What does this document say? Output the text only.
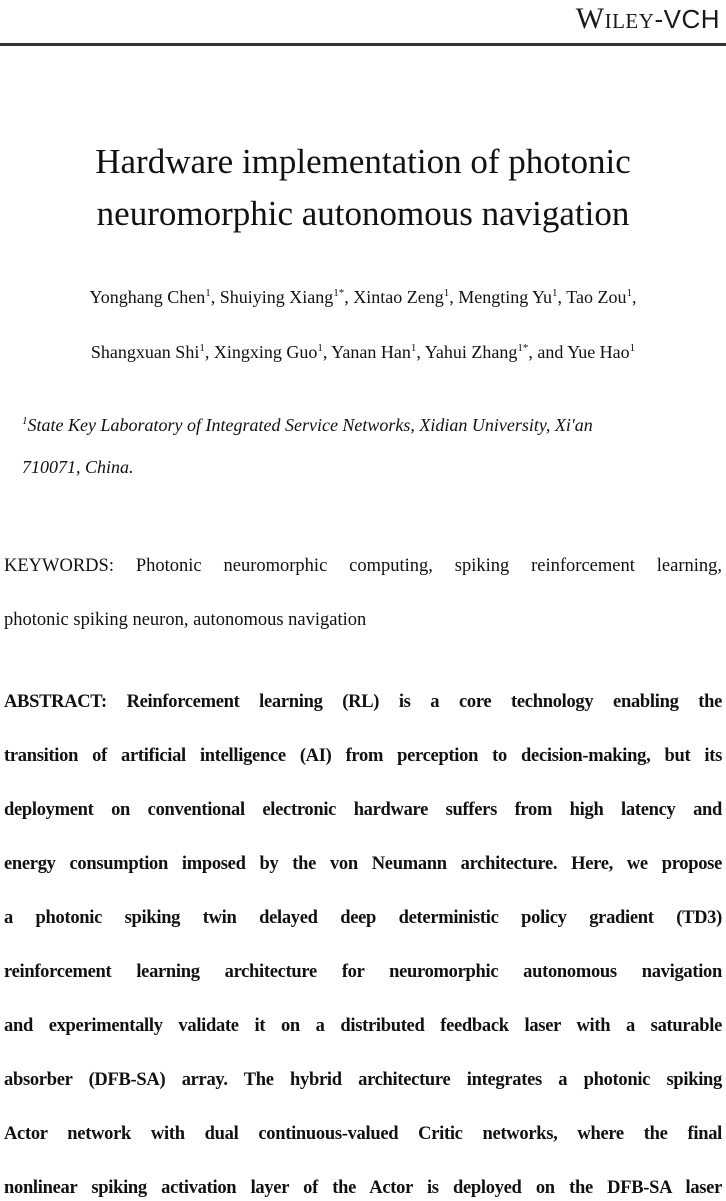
Wiley-VCH
Hardware implementation of photonic
neuromorphic autonomous navigation
Yonghang Chen$^1$, Shuiying Xiang$^{1*}$, Xintao Zeng$^1$, Mengting Yu$^1$, Tao Zou$^1$,
Shangxuan Shi$^1$, Xingxing Guo$^1$, Yanan Han$^1$, Yahui Zhang$^{1*}$, and Yue Hao$^1$
$^1$State Key Laboratory of Integrated Service Networks, Xidian University, Xi'an
710071, China.
KEYWORDS: Photonic neuromorphic computing, spiking reinforcement learning,
photonic spiking neuron, autonomous navigation
ABSTRACT: Reinforcement learning (RL) is a core technology enabling the
transition of artificial intelligence (AI) from perception to decision-making, but its
deployment on conventional electronic hardware suffers from high latency and
energy consumption imposed by the von Neumann architecture. Here, we propose
a photonic spiking twin delayed deep deterministic policy gradient (TD3)
reinforcement learning architecture for neuromorphic autonomous navigation
and experimentally validate it on a distributed feedback laser with a saturable
absorber (DFB-SA) array. The hybrid architecture integrates a photonic spiking
Actor network with dual continuous-valued Critic networks, where the final
nonlinear spiking activation layer of the Actor is deployed on the DFB-SA laser
